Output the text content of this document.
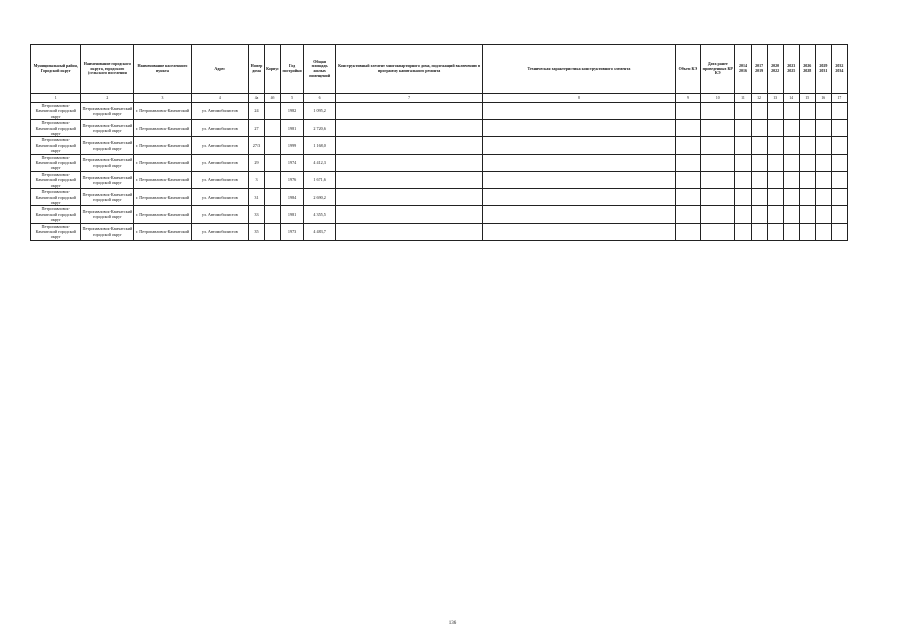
Муниципальный район, Городской округ	Наименование городского округа, городского (сельского поселения	Наименование населенного пункта	Адрес	Номер дома	Корпус	Год постройки	Общая площадь жилых помещений	Конструктивный элемент многоквартирного дома, подлежащий включению в программу капитального ремонта	Техническая характеристика конструктивного элемента	Объем КЭ	Дата ранее проведенных КР КЭ	2014 2016	2017 2019	2020 2022	2023 2025	2026 2028	2029 2031	2032 2034
1	2	3	4	4а	4б	5	6	7	8	9	10	11	12	13	14	15	16	17
Петропавловск-Камчатский городской округ	Петропавловск-Камчатский городской округ	г. Петропавловск-Камчатский	ул. Автомобилистов	24		1982	1 095,2											
Петропавловск-Камчатский городской округ	Петропавловск-Камчатский городской округ	г. Петропавловск-Камчатский	ул. Автомобилистов	27		1981	2 720,6											
Петропавловск-Камчатский городской округ	Петропавловск-Камчатский городской округ	г. Петропавловск-Камчатский	ул. Автомобилистов	27/3		1999	1 168,0											
Петропавловск-Камчатский городской округ	Петропавловск-Камчатский городской округ	г. Петропавловск-Камчатский	ул. Автомобилистов	29		1974	4 412,3											
Петропавловск-Камчатский городской округ	Петропавловск-Камчатский городской округ	г. Петропавловск-Камчатский	ул. Автомобилистов	3		1976	1 671,6											
Петропавловск-Камчатский городской округ	Петропавловск-Камчатский городской округ	г. Петропавловск-Камчатский	ул. Автомобилистов	31		1984	2 690,2											
Петропавловск-Камчатский городской округ	Петропавловск-Камчатский городской округ	г. Петропавловск-Камчатский	ул. Автомобилистов	33		1981	4 355,5											
Петропавловск-Камчатский городской округ	Петропавловск-Камчатский городской округ	г. Петропавловск-Камчатский	ул. Автомобилистов	35		1973	4 483,7											
136
